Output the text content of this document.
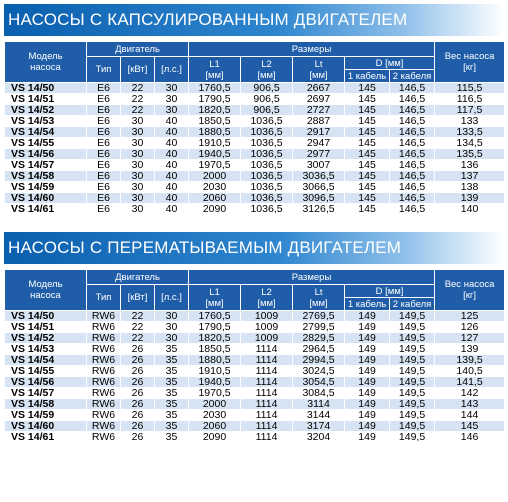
НАСОСЫ С КАПСУЛИРОВАННЫМ ДВИГАТЕЛЕМ
Модель
насоса	Двигатель			Размеры					Вес насоса
[кг]
	Тип	[кВт]	[л.с.]	L1
[мм]	L2
[мм]	Lt
[мм]	D [мм]		
							1 кабель	2 кабеля	
VS 14/50	E6	22	30	1760,5	906,5	2667	145	146,5	115,5
VS 14/51	E6	22	30	1790,5	906,5	2697	145	146,5	116,5
VS 14/52	E6	22	30	1820,5	906,5	2727	145	146,5	117,5
VS 14/53	E6	30	40	1850,5	1036,5	2887	145	146,5	133
VS 14/54	E6	30	40	1880,5	1036,5	2917	145	146,5	133,5
VS 14/55	E6	30	40	1910,5	1036,5	2947	145	146,5	134,5
VS 14/56	E6	30	40	1940,5	1036,5	2977	145	146,5	135,5
VS 14/57	E6	30	40	1970,5	1036,5	3007	145	146,5	136
VS 14/58	E6	30	40	2000	1036,5	3036,5	145	146,5	137
VS 14/59	E6	30	40	2030	1036,5	3066,5	145	146,5	138
VS 14/60	E6	30	40	2060	1036,5	3096,5	145	146,5	139
VS 14/61	E6	30	40	2090	1036,5	3126,5	145	146,5	140
НАСОСЫ С ПЕРЕМАТЫВАЕМЫМ ДВИГАТЕЛЕМ
Модель
насоса	Двигатель			Размеры					Вес насоса
[кг]
	Тип	[кВт]	[л.с.]	L1
[мм]	L2
[мм]	Lt
[мм]	D [мм]		
							1 кабель	2 кабеля	
VS 14/50	RW6	22	30	1760,5	1009	2769,5	149	149,5	125
VS 14/51	RW6	22	30	1790,5	1009	2799,5	149	149,5	126
VS 14/52	RW6	22	30	1820,5	1009	2829,5	149	149,5	127
VS 14/53	RW6	26	35	1850,5	1114	2964,5	149	149,5	139
VS 14/54	RW6	26	35	1880,5	1114	2994,5	149	149,5	139,5
VS 14/55	RW6	26	35	1910,5	1114	3024,5	149	149,5	140,5
VS 14/56	RW6	26	35	1940,5	1114	3054,5	149	149,5	141,5
VS 14/57	RW6	26	35	1970,5	1114	3084,5	149	149,5	142
VS 14/58	RW6	26	35	2000	1114	3114	149	149,5	143
VS 14/59	RW6	26	35	2030	1114	3144	149	149,5	144
VS 14/60	RW6	26	35	2060	1114	3174	149	149,5	145
VS 14/61	RW6	26	35	2090	1114	3204	149	149,5	146
